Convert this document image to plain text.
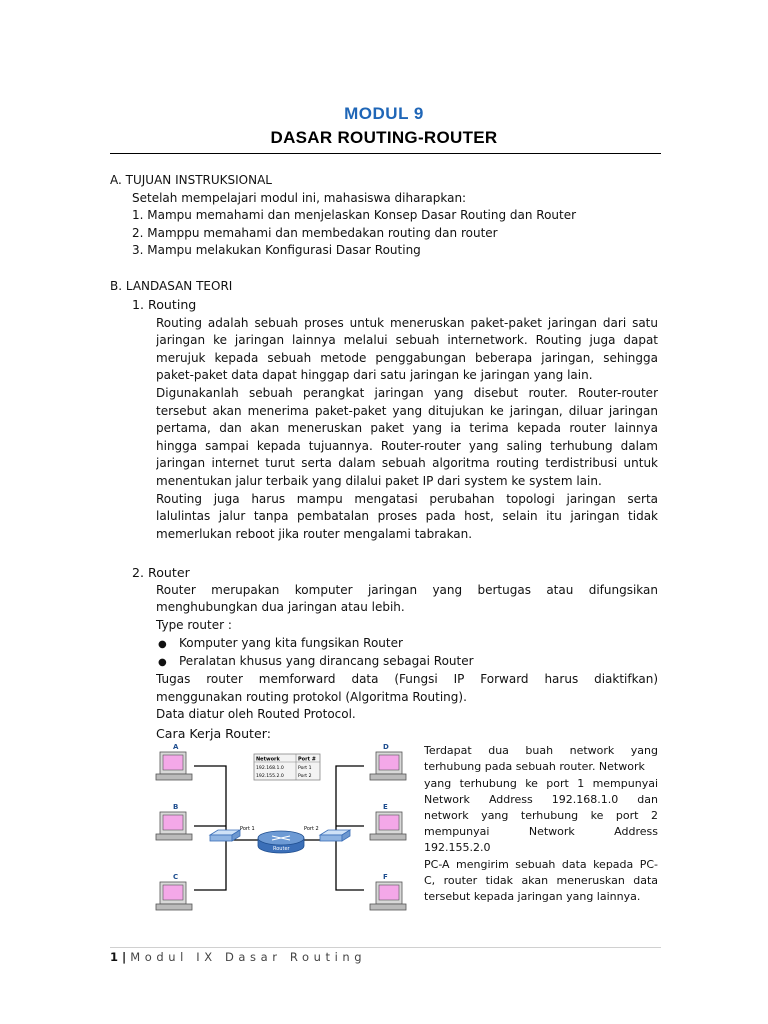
MODUL 9
DASAR ROUTING-ROUTER
A. TUJUAN INSTRUKSIONAL
Setelah mempelajari modul ini, mahasiswa diharapkan:
1. Mampu memahami dan menjelaskan Konsep Dasar Routing dan Router
2. Mamppu memahami dan membedakan routing dan router
3. Mampu melakukan Konfigurasi Dasar Routing
B. LANDASAN TEORI
1. Routing
Routing adalah sebuah proses untuk meneruskan paket-paket jaringan dari satu
jaringan ke jaringan lainnya melalui sebuah internetwork. Routing juga dapat
merujuk kepada sebuah metode penggabungan beberapa jaringan, sehingga
paket-paket data dapat hinggap dari satu jaringan ke jaringan yang lain.
Digunakanlah sebuah perangkat jaringan yang disebut router. Router-router
tersebut akan menerima paket-paket yang ditujukan ke jaringan, diluar jaringan
pertama, dan akan meneruskan paket yang ia terima kepada router lainnya
hingga sampai kepada tujuannya. Router-router yang saling terhubung dalam
jaringan internet turut serta dalam sebuah algoritma routing terdistribusi untuk
menentukan jalur terbaik yang dilalui paket IP dari system ke system lain.
Routing juga harus mampu mengatasi perubahan topologi jaringan serta
lalulintas jalur tanpa pembatalan proses pada host, selain itu jaringan tidak
memerlukan reboot jika router mengalami tabrakan.
2. Router
Router merupakan komputer jaringan yang bertugas atau difungsikan
menghubungkan dua jaringan atau lebih.
Type router :
● Komputer yang kita fungsikan Router
● Peralatan khusus yang dirancang sebagai Router
Tugas router memforward data (Fungsi IP Forward harus diaktifkan)
menggunakan routing protokol (Algoritma Routing).
Data diatur oleh Routed Protocol.
Cara Kerja Router:
Network	Port #
192.168.1.0	Port 1
192.155.2.0	Port 2
Router
Port 1	Port 2
A
B
C
D
E
F
Terdapat dua buah network yang
terhubung pada sebuah router. Network
yang terhubung ke port 1 mempunyai
Network Address 192.168.1.0 dan
network yang terhubung ke port 2
mempunyai Network Address
192.155.2.0
PC-A mengirim sebuah data kepada PC-
C, router tidak akan meneruskan data
tersebut kepada jaringan yang lainnya.
1 | Modul IX Dasar Routing
